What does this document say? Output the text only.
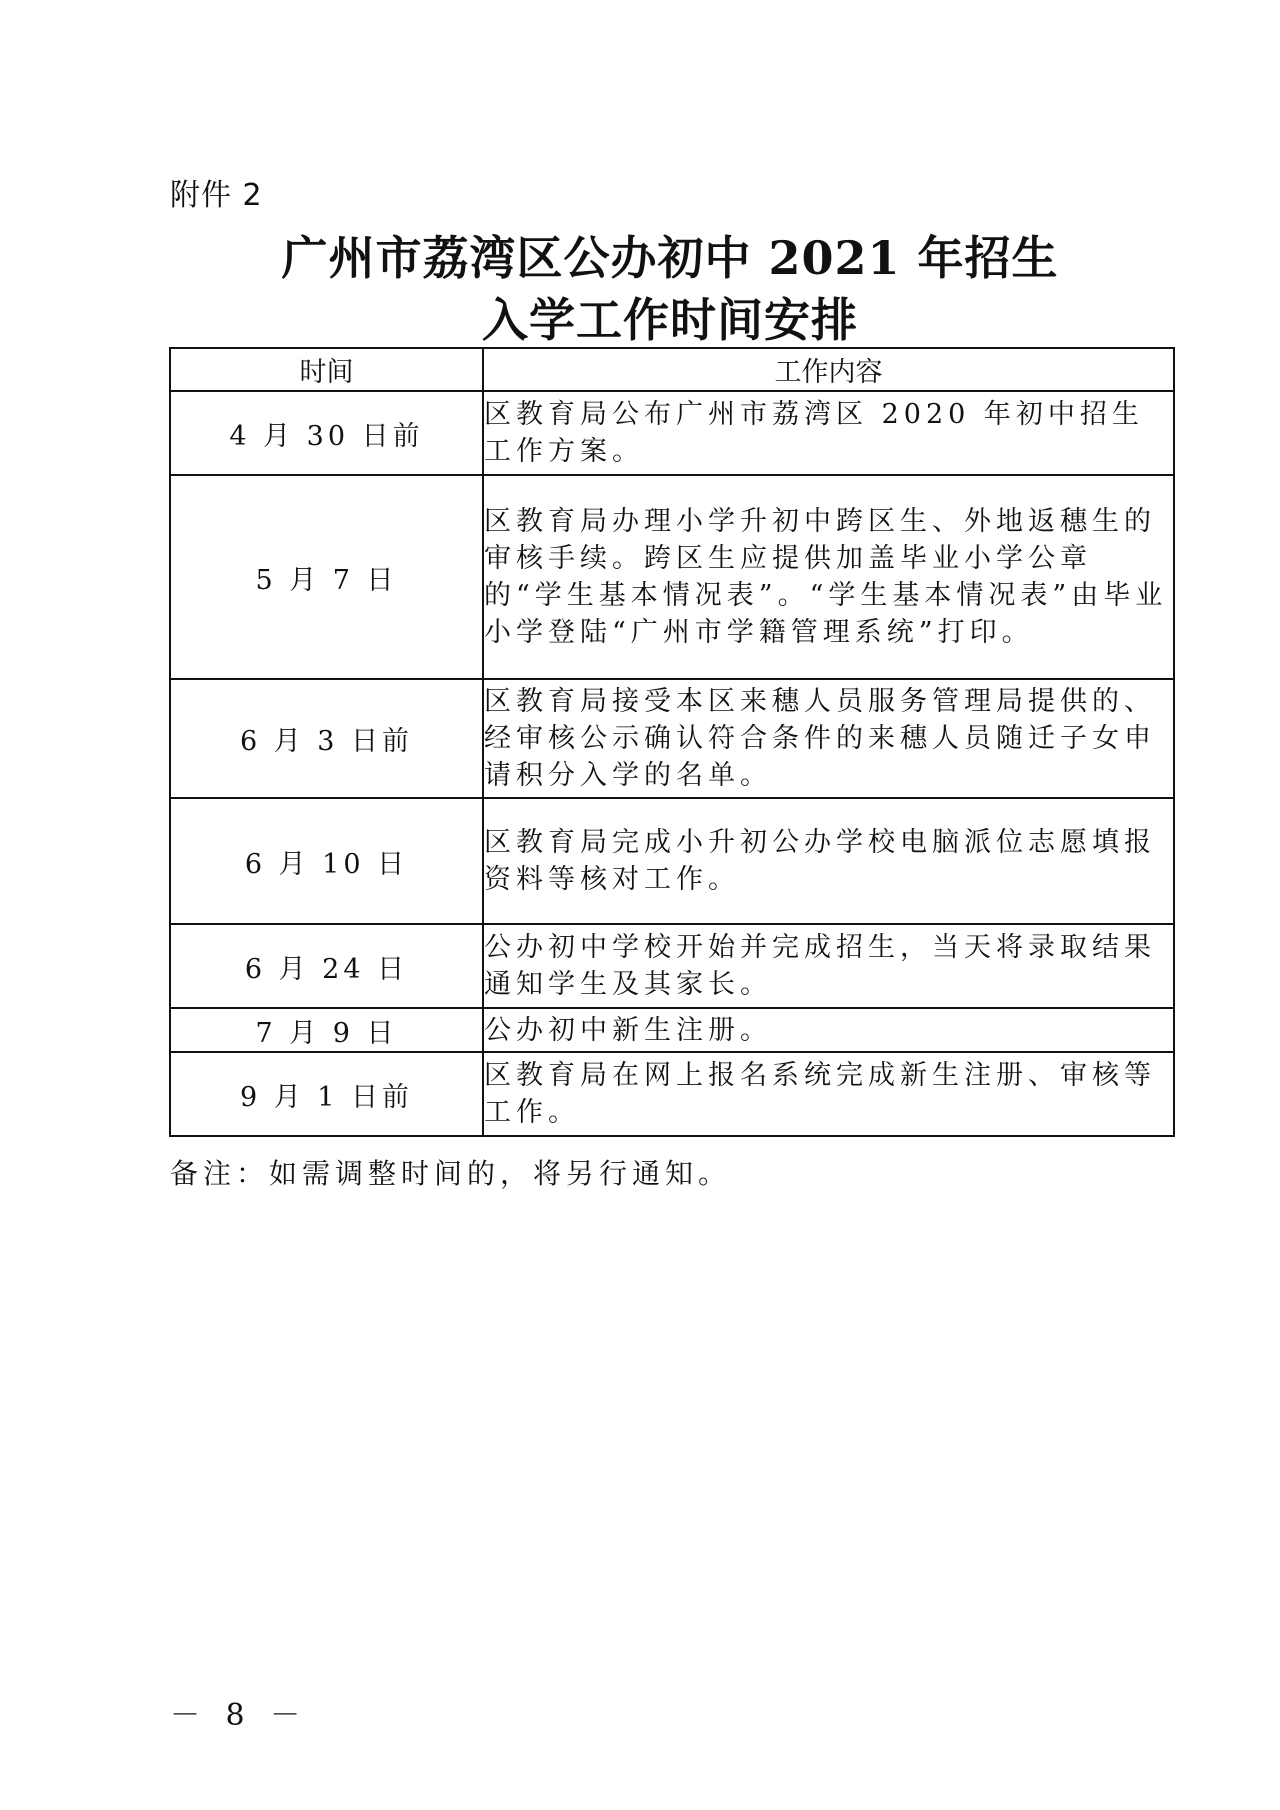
附件 2
广州市荔湾区公办初中 2021 年招生
入学工作时间安排
时间	工作内容
4 月 30 日前	区教育局公布广州市荔湾区 2020 年初中招生工作方案。
5 月 7 日	区教育局办理小学升初中跨区生、外地返穗生的审核手续。跨区生应提供加盖毕业小学公章的“学生基本情况表”。“学生基本情况表”由毕业小学登陆“广州市学籍管理系统”打印。
6 月 3 日前	区教育局接受本区来穗人员服务管理局提供的、经审核公示确认符合条件的来穗人员随迁子女申请积分入学的名单。
6 月 10 日	区教育局完成小升初公办学校电脑派位志愿填报资料等核对工作。
6 月 24 日	公办初中学校开始并完成招生，当天将录取结果通知学生及其家长。
7 月 9 日	公办初中新生注册。
9 月 1 日前	区教育局在网上报名系统完成新生注册、审核等工作。
备注：如需调整时间的，将另行通知。
－ 8 －
